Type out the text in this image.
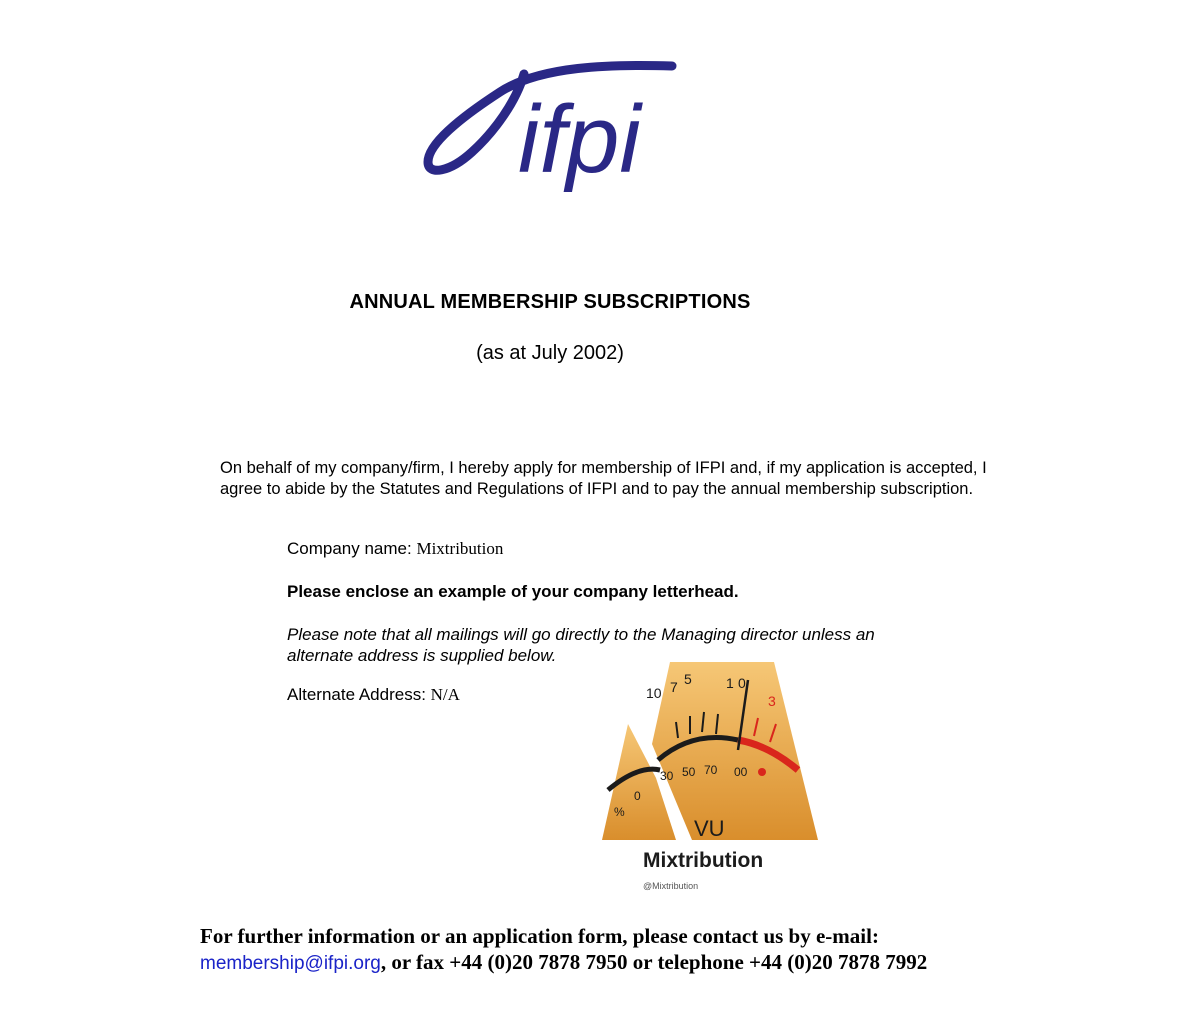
ifpi
ANNUAL MEMBERSHIP SUBSCRIPTIONS
(as at July 2002)
On behalf of my company/firm, I hereby apply for membership of IFPI and, if my application is accepted, I agree to abide by the Statutes and Regulations of IFPI and to pay the annual membership subscription.
Company name: Mixtribution
Please enclose an example of your company letterhead.
Please note that all mailings will go directly to the Managing director unless an alternate address is supplied below.
Alternate Address: N/A	10 7 5 1 0
3
30 50 70 00
0
%
VU
Mixtribution
@Mixtribution
For further information or an application form, please contact us by e-mail:
membership@ifpi.org, or fax +44 (0)20 7878 7950 or telephone +44 (0)20 7878 7992
